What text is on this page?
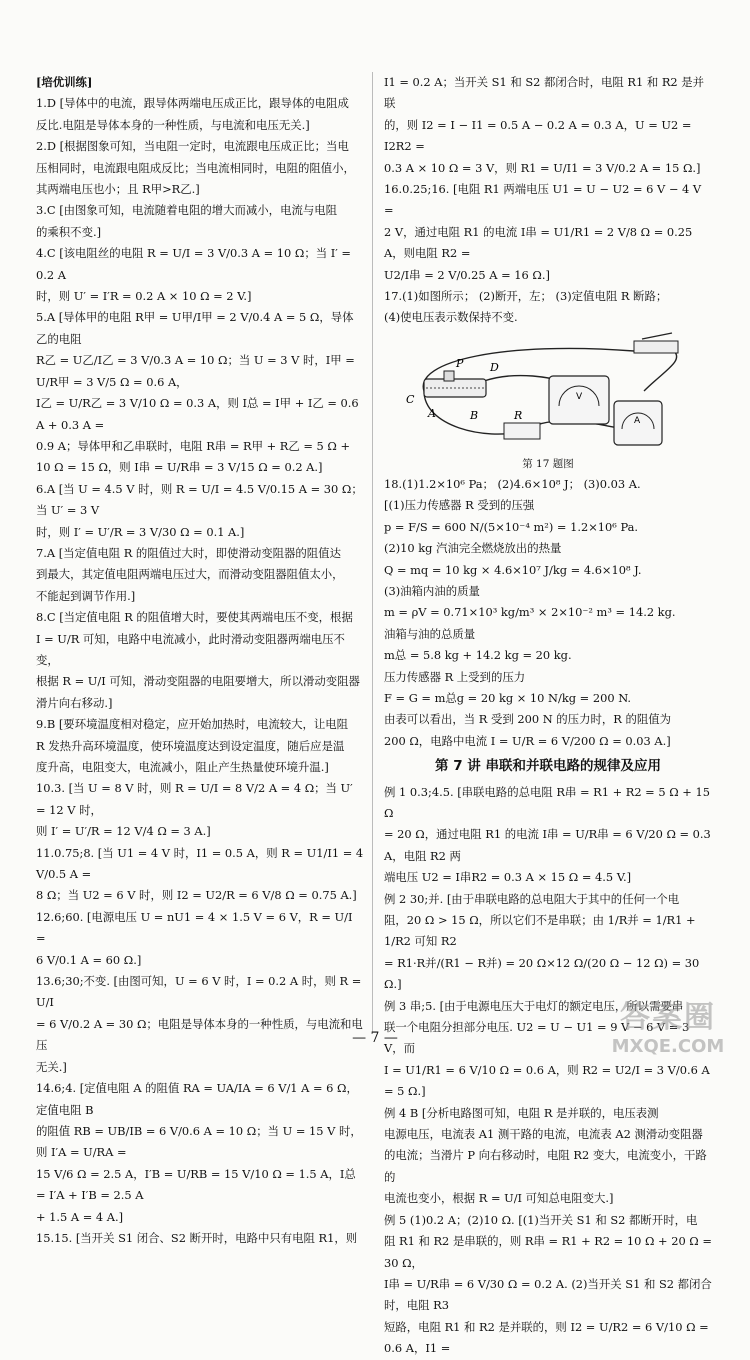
[培优训练]

1.D [导体中的电流，跟导体两端电压成正比，跟导体的电阻成

反比.电阻是导体本身的一种性质，与电流和电压无关.]

2.D [根据图象可知，当电阻一定时，电流跟电压成正比；当电

压相同时，电流跟电阻成反比；当电流相同时，电阻的阻值小，

其两端电压也小；且 R甲>R乙.]

3.C [由图象可知，电流随着电阻的增大而减小，电流与电阻

的乘积不变.]

4.C [该电阻丝的电阻 R = U/I = 3 V/0.3 A = 10 Ω；当 I′ = 0.2 A

时，则 U′ = I′R = 0.2 A × 10 Ω = 2 V.]

5.A [导体甲的电阻 R甲 = U甲/I甲 = 2 V/0.4 A = 5 Ω，导体乙的电阻

R乙 = U乙/I乙 = 3 V/0.3 A = 10 Ω；当 U = 3 V 时，I甲 = U/R甲 = 3 V/5 Ω = 0.6 A，

I乙 = U/R乙 = 3 V/10 Ω = 0.3 A，则 I总 = I甲 + I乙 = 0.6 A + 0.3 A =

0.9 A；导体甲和乙串联时，电阻 R串 = R甲 + R乙 = 5 Ω +

10 Ω = 15 Ω，则 I串 = U/R串 = 3 V/15 Ω = 0.2 A.]

6.A [当 U = 4.5 V 时，则 R = U/I = 4.5 V/0.15 A = 30 Ω；当 U′ = 3 V

时，则 I′ = U′/R = 3 V/30 Ω = 0.1 A.]

7.A [当定值电阻 R 的阻值过大时，即使滑动变阻器的阻值达

到最大，其定值电阻两端电压过大，而滑动变阻器阻值太小，

不能起到调节作用.]

8.C [当定值电阻 R 的阻值增大时，要使其两端电压不变，根据

I = U/R 可知，电路中电流减小，此时滑动变阻器两端电压不变，

根据 R = U/I 可知，滑动变阻器的电阻要增大，所以滑动变阻器

滑片向右移动.]

9.B [要环境温度相对稳定，应开始加热时，电流较大，让电阻

R 发热升高环境温度，使环境温度达到设定温度，随后应是温

度升高，电阻变大，电流减小，阻止产生热量使环境升温.]

10.3. [当 U = 8 V 时，则 R = U/I = 8 V/2 A = 4 Ω；当 U′ = 12 V 时，

则 I′ = U′/R = 12 V/4 Ω = 3 A.]

11.0.75;8. [当 U1 = 4 V 时，I1 = 0.5 A，则 R = U1/I1 = 4 V/0.5 A =

8 Ω；当 U2 = 6 V 时，则 I2 = U2/R = 6 V/8 Ω = 0.75 A.]

12.6;60. [电源电压 U = nU1 = 4 × 1.5 V = 6 V，R = U/I =

6 V/0.1 A = 60 Ω.]

13.6;30;不变. [由图可知，U = 6 V 时，I = 0.2 A 时，则 R = U/I

= 6 V/0.2 A = 30 Ω；电阻是导体本身的一种性质，与电流和电压

无关.]

14.6;4. [定值电阻 A 的阻值 RA = UA/IA = 6 V/1 A = 6 Ω，定值电阻 B

的阻值 RB = UB/IB = 6 V/0.6 A = 10 Ω；当 U = 15 V 时，则 I′A = U/RA =

15 V/6 Ω = 2.5 A，I′B = U/RB = 15 V/10 Ω = 1.5 A，I总 = I′A + I′B = 2.5 A

+ 1.5 A = 4 A.]

15.15. [当开关 S1 闭合、S2 断开时，电路中只有电阻 R1，则

I1 = 0.2 A；当开关 S1 和 S2 都闭合时，电阻 R1 和 R2 是并联

的，则 I2 = I − I1 = 0.5 A − 0.2 A = 0.3 A，U = U2 = I2R2 =

0.3 A × 10 Ω = 3 V，则 R1 = U/I1 = 3 V/0.2 A = 15 Ω.]

16.0.25;16. [电阻 R1 两端电压 U1 = U − U2 = 6 V − 4 V =

2 V，通过电阻 R1 的电流 I串 = U1/R1 = 2 V/8 Ω = 0.25 A，则电阻 R2 =

U2/I串 = 2 V/0.25 A = 16 Ω.]

17.(1)如图所示； (2)断开，左； (3)定值电阻 R 断路；

(4)使电压表示数保持不变.

V
A
P D
C
A	B	R
第 17 题图

18.(1)1.2×10⁶ Pa； (2)4.6×10⁸ J； (3)0.03 A.

[(1)压力传感器 R 受到的压强

p = F/S = 600 N/(5×10⁻⁴ m²) = 1.2×10⁶ Pa.

(2)10 kg 汽油完全燃烧放出的热量

Q = mq = 10 kg × 4.6×10⁷ J/kg = 4.6×10⁸ J.

(3)油箱内油的质量

m = ρV = 0.71×10³ kg/m³ × 2×10⁻² m³ = 14.2 kg.

油箱与油的总质量

m总 = 5.8 kg + 14.2 kg = 20 kg.

压力传感器 R 上受到的压力

F = G = m总g = 20 kg × 10 N/kg = 200 N.

由表可以看出，当 R 受到 200 N 的压力时，R 的阻值为

200 Ω，电路中电流 I = U/R = 6 V/200 Ω = 0.03 A.]

第 7 讲 串联和并联电路的规律及应用

例 1 0.3;4.5. [串联电路的总电阻 R串 = R1 + R2 = 5 Ω + 15 Ω

= 20 Ω，通过电阻 R1 的电流 I串 = U/R串 = 6 V/20 Ω = 0.3 A，电阻 R2 两

端电压 U2 = I串R2 = 0.3 A × 15 Ω = 4.5 V.]

例 2 30;并. [由于串联电路的总电阻大于其中的任何一个电

阻，20 Ω > 15 Ω，所以它们不是串联；由 1/R并 = 1/R1 + 1/R2 可知 R2

= R1·R并/(R1 − R并) = 20 Ω×12 Ω/(20 Ω − 12 Ω) = 30 Ω.]

例 3 串;5. [由于电源电压大于电灯的额定电压，所以需要串

联一个电阻分担部分电压. U2 = U − U1 = 9 V − 6 V = 3 V，而

I = U1/R1 = 6 V/10 Ω = 0.6 A，则 R2 = U2/I = 3 V/0.6 A = 5 Ω.]

例 4 B [分析电路图可知，电阻 R 是并联的，电压表测

电源电压，电流表 A1 测干路的电流，电流表 A2 测滑动变阻器

的电流；当滑片 P 向右移动时，电阻 R2 变大，电流变小，干路的

电流也变小，根据 R = U/I 可知总电阻变大.]

例 5 (1)0.2 A；(2)10 Ω. [(1)当开关 S1 和 S2 都断开时，电

阻 R1 和 R2 是串联的，则 R串 = R1 + R2 = 10 Ω + 20 Ω = 30 Ω，

I串 = U/R串 = 6 V/30 Ω = 0.2 A. (2)当开关 S1 和 S2 都闭合时，电阻 R3

短路，电阻 R1 和 R2 是并联的，则 I2 = U/R2 = 6 V/10 Ω = 0.6 A，I1 =

— 7 —
答案圈
MXQE.COM
